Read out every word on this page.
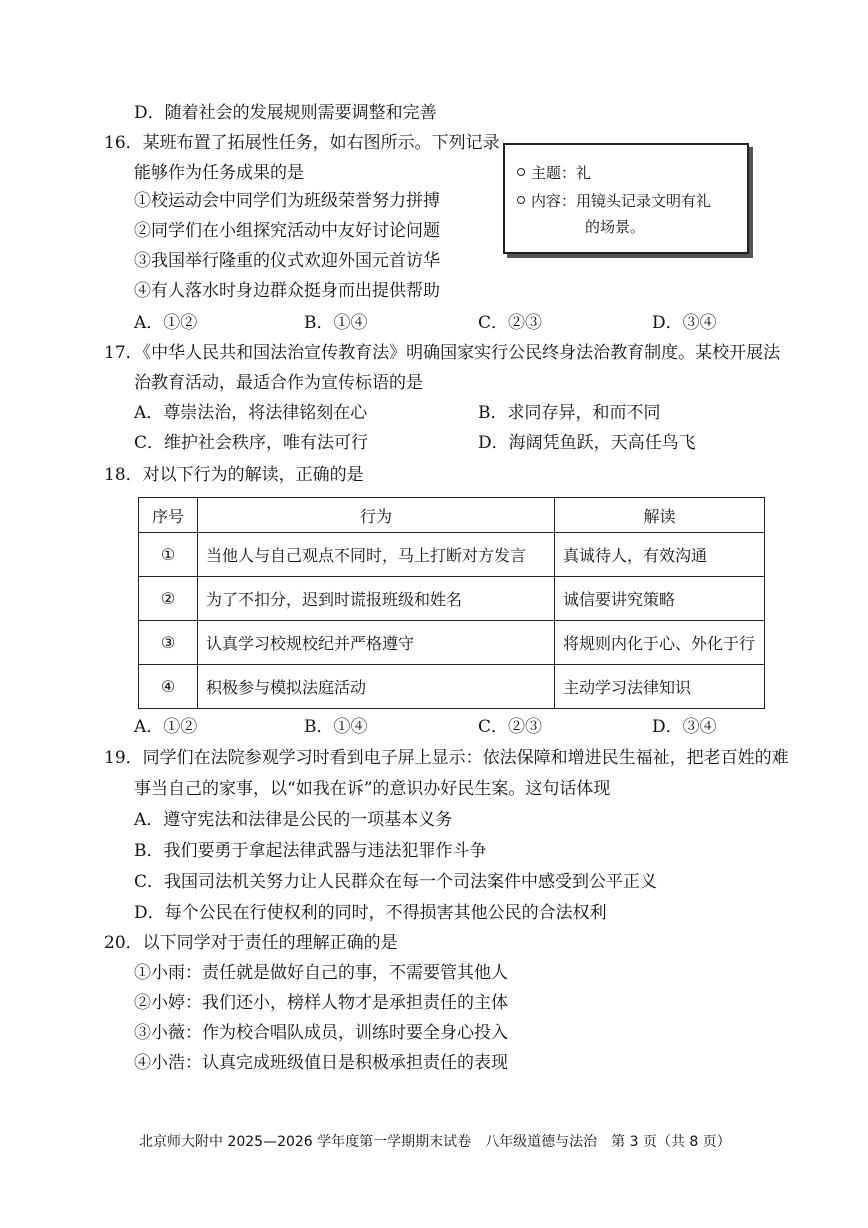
D．随着社会的发展规则需要调整和完善
16．某班布置了拓展性任务，如右图所示。下列记录
能够作为任务成果的是
①校运动会中同学们为班级荣誉努力拼搏
②同学们在小组探究活动中友好讨论问题
③我国举行隆重的仪式欢迎外国元首访华
④有人落水时身边群众挺身而出提供帮助
主题：礼
内容：用镜头记录文明有礼
的场景。
A．①②	B．①④	C．②③	D．③④
17．《中华人民共和国法治宣传教育法》明确国家实行公民终身法治教育制度。某校开展法
治教育活动，最适合作为宣传标语的是
A．尊崇法治，将法律铭刻在心	B．求同存异，和而不同
C．维护社会秩序，唯有法可行	D．海阔凭鱼跃，天高任鸟飞
18．对以下行为的解读，正确的是
序号	行为	解读
①	当他人与自己观点不同时，马上打断对方发言	真诚待人，有效沟通
②	为了不扣分，迟到时谎报班级和姓名	诚信要讲究策略
③	认真学习校规校纪并严格遵守	将规则内化于心、外化于行
④	积极参与模拟法庭活动	主动学习法律知识
A．①②	B．①④	C．②③	D．③④
19．同学们在法院参观学习时看到电子屏上显示：依法保障和增进民生福祉，把老百姓的难
事当自己的家事，以“如我在诉”的意识办好民生案。这句话体现
A．遵守宪法和法律是公民的一项基本义务
B．我们要勇于拿起法律武器与违法犯罪作斗争
C．我国司法机关努力让人民群众在每一个司法案件中感受到公平正义
D．每个公民在行使权利的同时，不得损害其他公民的合法权利
20．以下同学对于责任的理解正确的是
①小雨：责任就是做好自己的事，不需要管其他人
②小婷：我们还小，榜样人物才是承担责任的主体
③小薇：作为校合唱队成员，训练时要全身心投入
④小浩：认真完成班级值日是积极承担责任的表现
北京师大附中 2025—2026 学年度第一学期期末试卷　八年级道德与法治　第 3 页（共 8 页）
